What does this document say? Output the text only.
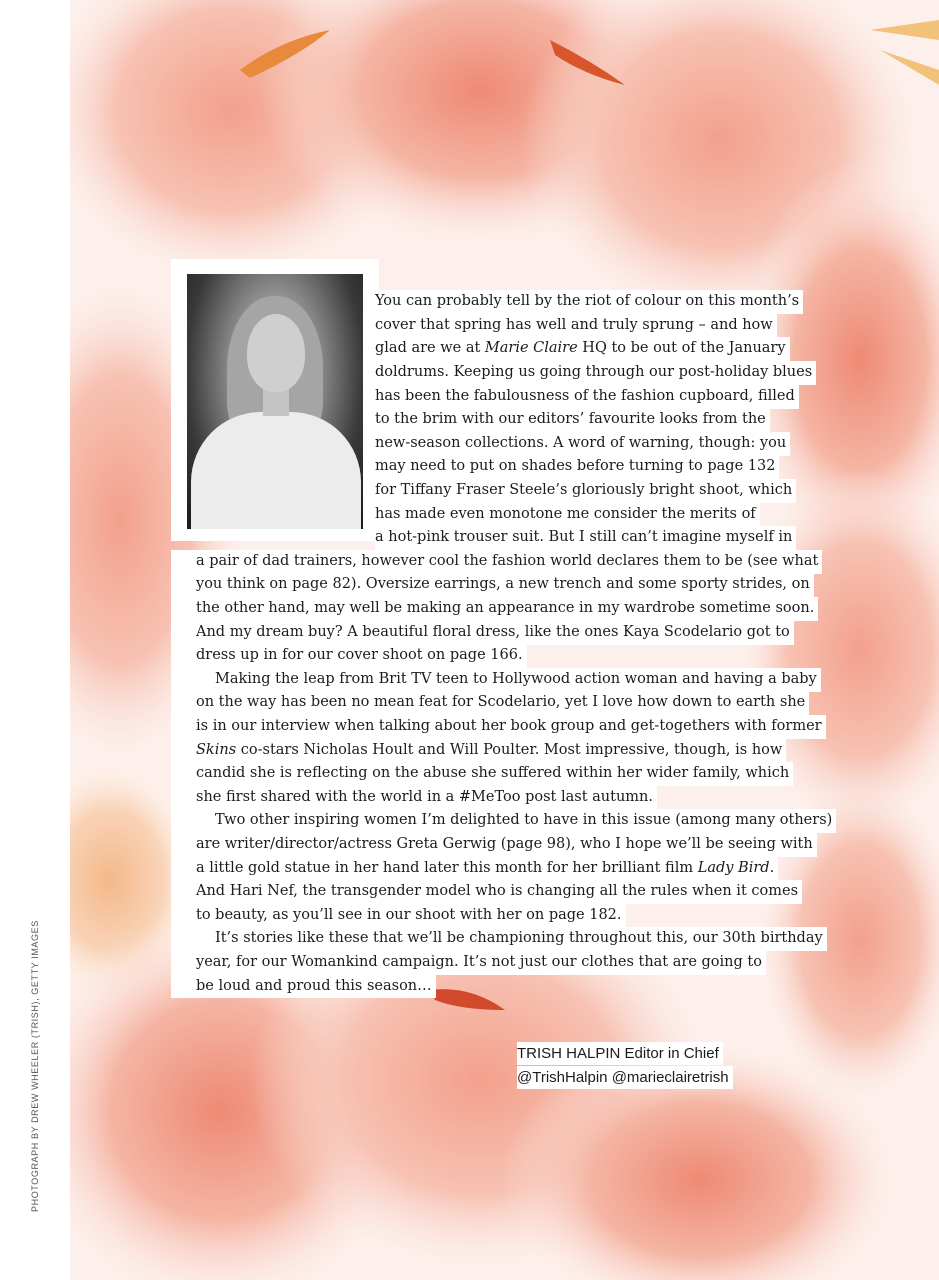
PHOTOGRAPH BY DREW WHEELER (TRISH), GETTY IMAGES
You can probably tell by the riot of colour on this month’s
cover that spring has well and truly sprung – and how
glad are we at Marie Claire HQ to be out of the January
doldrums. Keeping us going through our post-holiday blues
has been the fabulousness of the fashion cupboard, filled
to the brim with our editors’ favourite looks from the
new-season collections. A word of warning, though: you
may need to put on shades before turning to page 132
for Tiffany Fraser Steele’s gloriously bright shoot, which
has made even monotone me consider the merits of
a hot-pink trouser suit. But I still can’t imagine myself in
a pair of dad trainers, however cool the fashion world declares them to be (see what
you think on page 82). Oversize earrings, a new trench and some sporty strides, on
the other hand, may well be making an appearance in my wardrobe sometime soon.
And my dream buy? A beautiful floral dress, like the ones Kaya Scodelario got to
dress up in for our cover shoot on page 166.
Making the leap from Brit TV teen to Hollywood action woman and having a baby
on the way has been no mean feat for Scodelario, yet I love how down to earth she
is in our interview when talking about her book group and get-togethers with former
Skins co-stars Nicholas Hoult and Will Poulter. Most impressive, though, is how
candid she is reflecting on the abuse she suffered within her wider family, which
she first shared with the world in a #MeToo post last autumn.
Two other inspiring women I’m delighted to have in this issue (among many others)
are writer/director/actress Greta Gerwig (page 98), who I hope we’ll be seeing with
a little gold statue in her hand later this month for her brilliant film Lady Bird.
And Hari Nef, the transgender model who is changing all the rules when it comes
to beauty, as you’ll see in our shoot with her on page 182.
It’s stories like these that we’ll be championing throughout this, our 30th birthday
year, for our Womankind campaign. It’s not just our clothes that are going to
be loud and proud this season…
TRISH HALPIN Editor in Chief
@TrishHalpin @marieclairetrish
